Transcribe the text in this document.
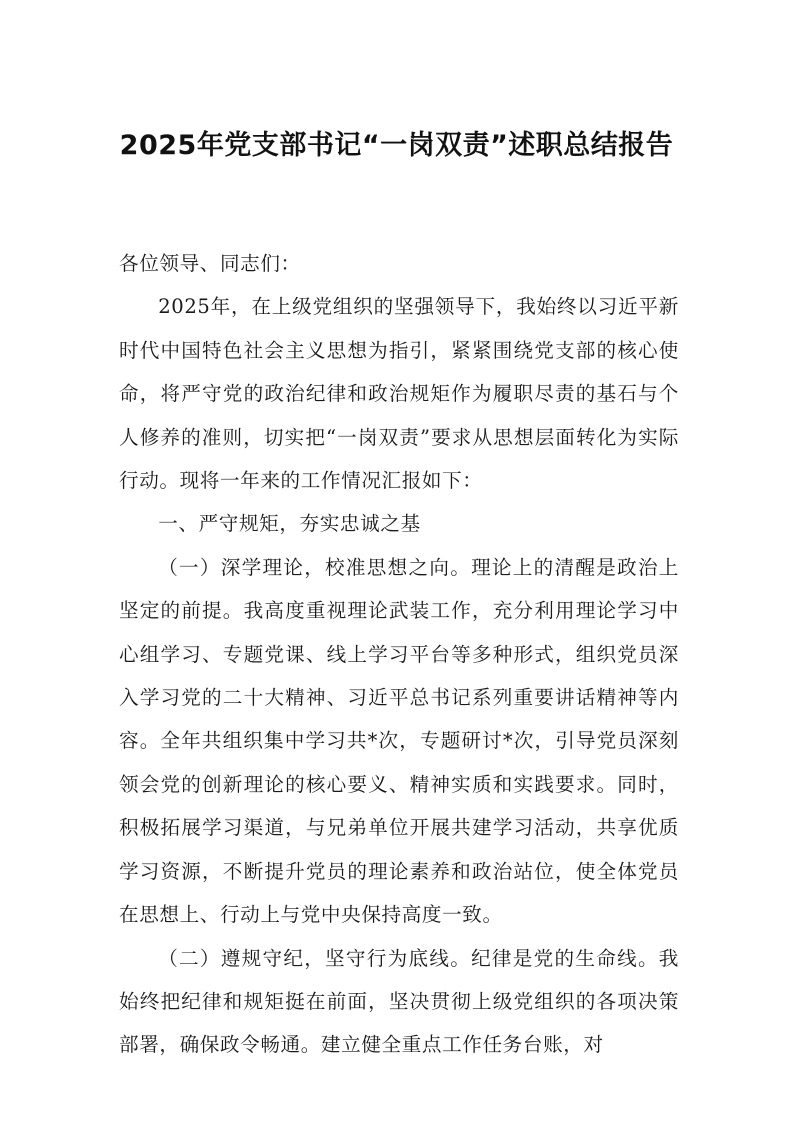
2025年党支部书记“一岗双责”述职总结报告

各位领导、同志们：

2025年，在上级党组织的坚强领导下，我始终以习近平新时代中国特色社会主义思想为指引，紧紧围绕党支部的核心使命，将严守党的政治纪律和政治规矩作为履职尽责的基石与个人修养的准则，切实把“一岗双责”要求从思想层面转化为实际行动。现将一年来的工作情况汇报如下：

一、严守规矩，夯实忠诚之基

（一）深学理论，校准思想之向。理论上的清醒是政治上坚定的前提。我高度重视理论武装工作，充分利用理论学习中心组学习、专题党课、线上学习平台等多种形式，组织党员深入学习党的二十大精神、习近平总书记系列重要讲话精神等内容。全年共组织集中学习共*次，专题研讨*次，引导党员深刻领会党的创新理论的核心要义、精神实质和实践要求。同时，积极拓展学习渠道，与兄弟单位开展共建学习活动，共享优质学习资源，不断提升党员的理论素养和政治站位，使全体党员在思想上、行动上与党中央保持高度一致。

（二）遵规守纪，坚守行为底线。纪律是党的生命线。我始终把纪律和规矩挺在前面，坚决贯彻上级党组织的各项决策部署，确保政令畅通。建立健全重点工作任务台账，对
